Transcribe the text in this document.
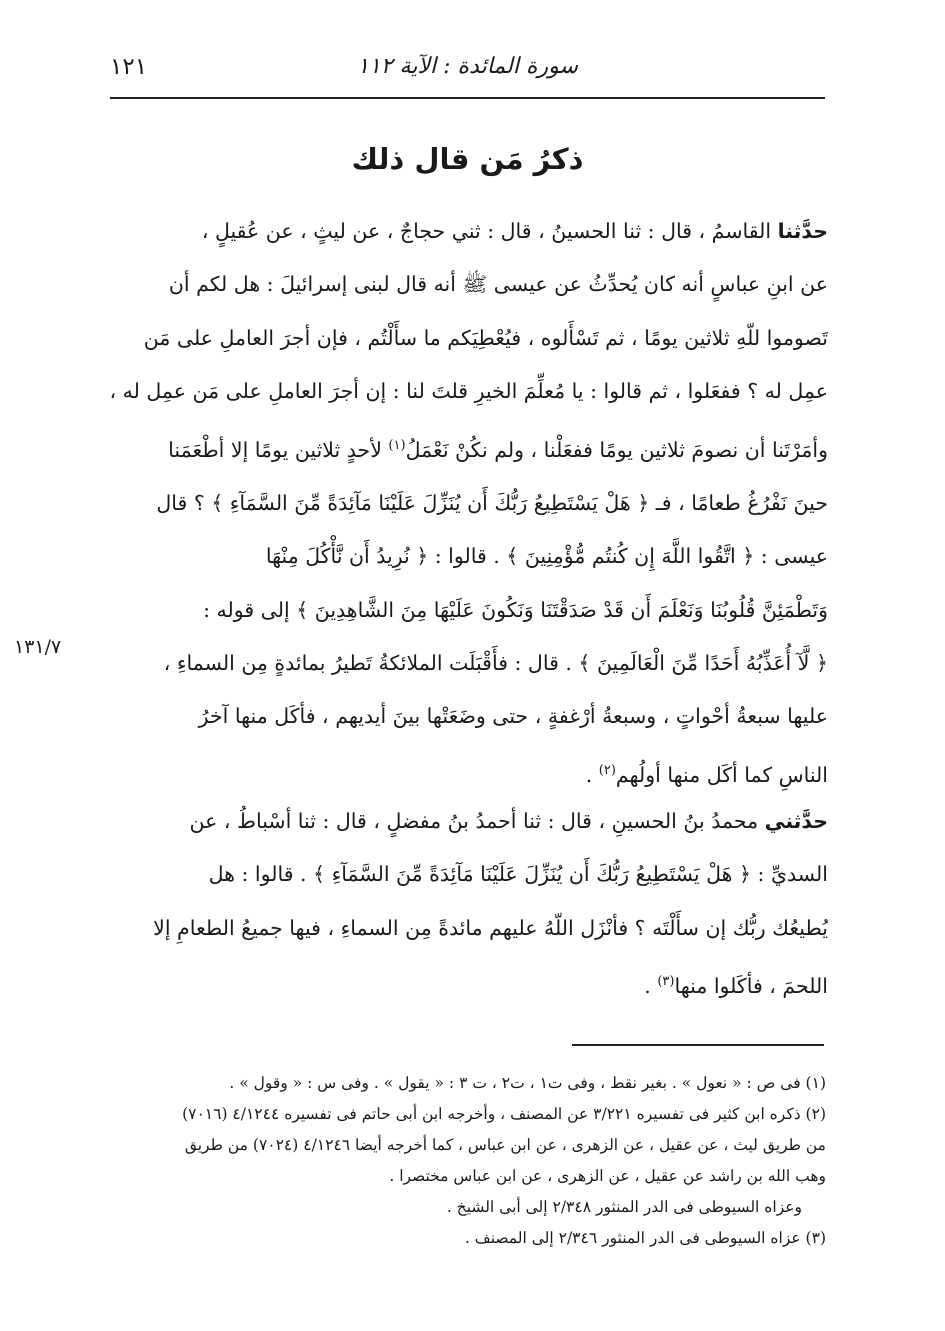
١٢١	سورة المائدة : الآية ١١٢
ذكرُ مَن قال ذلك
١٣١/٧
حدَّثنا القاسمُ ، قال : ثنا الحسينُ ، قال : ثني حجاجٌ ، عن ليثٍ ، عن عُقيلٍ ،
عن ابنِ عباسٍ أنه كان يُحدِّثُ عن عيسى ﷺ أنه قال لبنى إسرائيلَ : هل لكم أن
تَصوموا للّهِ ثلاثين يومًا ، ثم تَسْأَلوه ، فيُعْطِيَكم ما سأَلْتُم ، فإن أجرَ العاملِ على مَن
عمِل له ؟ ففعَلوا ، ثم قالوا : يا مُعلِّمَ الخيرِ قلتَ لنا : إن أجرَ العاملِ على مَن عمِل له ،
وأمَرْتَنا أن نصومَ ثلاثين يومًا ففعَلْنا ، ولم نكُنْ نَعْمَلُ$^{(١)}$ لأحدٍ ثلاثين يومًا إلا أطْعَمَنا
حينَ نَفْرُغُ طعامًا ، فـ ﴿ هَلْ يَسْتَطِيعُ رَبُّكَ أَن يُنَزِّلَ عَلَيْنَا مَآئِدَةً مِّنَ السَّمَآءِ ﴾ ؟ قال
عيسى : ﴿ اتَّقُوا اللَّهَ إِن كُنتُم مُّؤْمِنِينَ ﴾ . قالوا : ﴿ نُرِيدُ أَن نَّأْكُلَ مِنْهَا
وَتَطْمَئِنَّ قُلُوبُنَا وَنَعْلَمَ أَن قَدْ صَدَقْتَنَا وَنَكُونَ عَلَيْهَا مِنَ الشَّاهِدِينَ ﴾ إلى قوله :
﴿ لَّآ أُعَذِّبُهُ أَحَدًا مِّنَ الْعَالَمِينَ ﴾ . قال : فأَقْبَلَت الملائكةُ تَطيرُ بمائدةٍ مِن السماءِ ،
عليها سبعةُ أحْواتٍ ، وسبعةُ أرْغفةٍ ، حتى وضَعَتْها بينَ أيديهم ، فأكَل منها آخرُ
الناسِ كما أكَل منها أولُهم$^{(٢)}$ .
حدَّثني محمدُ بنُ الحسينِ ، قال : ثنا أحمدُ بنُ مفضلٍ ، قال : ثنا أسْباطُ ، عن
السديِّ : ﴿ هَلْ يَسْتَطِيعُ رَبُّكَ أَن يُنَزِّلَ عَلَيْنَا مَآئِدَةً مِّنَ السَّمَآءِ ﴾ . قالوا : هل
يُطيعُك ربُّك إن سأَلْتَه ؟ فأنْزَل اللّهُ عليهم مائدةً مِن السماءِ ، فيها جميعُ الطعامِ إلا
اللحمَ ، فأكَلوا منها$^{(٣)}$ .
(١) فى ص : « نعول » . بغير نقط ، وفى ت١ ، ت٢ ، ت ٣ : « يقول » . وفى س : « وقول » .
(٢) ذكره ابن كثير فى تفسيره ٣/٢٢١ عن المصنف ، وأخرجه ابن أبى حاتم فى تفسيره ٤/١٢٤٤ (٧٠١٦)
من طريق ليث ، عن عقيل ، عن الزهرى ، عن ابن عباس ، كما أخرجه أيضا ٤/١٢٤٦ (٧٠٢٤) من طريق
وهب الله بن راشد عن عقيل ، عن الزهرى ، عن ابن عباس مختصرا .
وعزاه السيوطى فى الدر المنثور ٢/٣٤٨ إلى أبى الشيخ .
(٣) عزاه السيوطى فى الدر المنثور ٢/٣٤٦ إلى المصنف .
